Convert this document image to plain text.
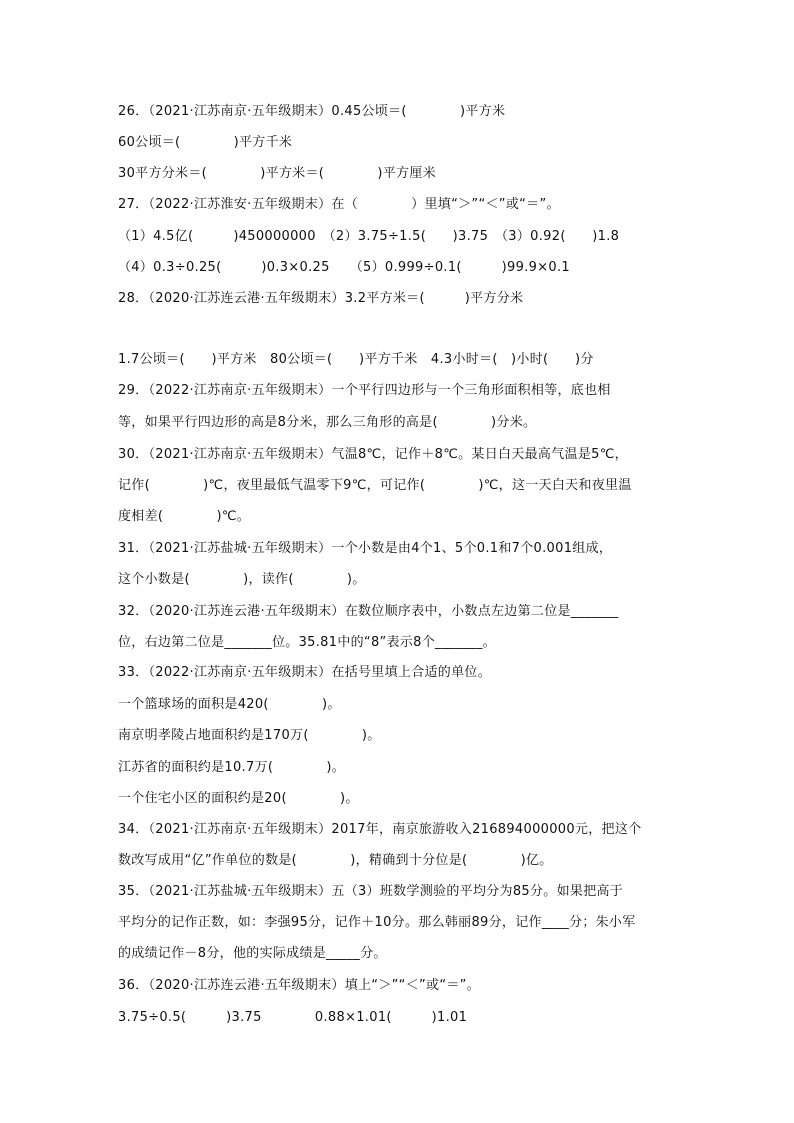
26．（2021·江苏南京·五年级期末）0.45公顷＝(　　　　)平方米
60公顷＝(　　　　)平方千米
30平方分米＝(　　　　)平方米＝(　　　　)平方厘米
27．（2022·江苏淮安·五年级期末）在（　　　　）里填“＞”“＜”或“＝”。
（1）4.5亿(　　　)450000000　（2）3.75÷1.5(　　)3.75　（3）0.92(　　)1.8
（4）0.3÷0.25(　　　)0.3×0.25　　（5）0.999÷0.1(　　　)99.9×0.1
28．（2020·江苏连云港·五年级期末）3.2平方米＝(　　　)平方分米
1.7公顷＝(　　)平方米　80公顷＝(　　)平方千米　4.3小时＝(　)小时(　　)分
29．（2022·江苏南京·五年级期末）一个平行四边形与一个三角形面积相等，底也相
等，如果平行四边形的高是8分米，那么三角形的高是(　　　　)分米。
30．（2021·江苏南京·五年级期末）气温8℃，记作＋8℃。某日白天最高气温是5℃，
记作(　　　　)℃，夜里最低气温零下9℃，可记作(　　　　)℃，这一天白天和夜里温
度相差(　　　　)℃。
31．（2021·江苏盐城·五年级期末）一个小数是由4个1、5个0.1和7个0.001组成，
这个小数是(　　　　)，读作(　　　　)。
32．（2020·江苏连云港·五年级期末）在数位顺序表中，小数点左边第二位是_______
位，右边第二位是_______位。35.81中的“8”表示8个_______。
33．（2022·江苏南京·五年级期末）在括号里填上合适的单位。
一个篮球场的面积是420(　　　　)。
南京明孝陵占地面积约是170万(　　　　)。
江苏省的面积约是10.7万(　　　　)。
一个住宅小区的面积约是20(　　　　)。
34．（2021·江苏南京·五年级期末）2017年，南京旅游收入216894000000元，把这个
数改写成用“亿”作单位的数是(　　　　)，精确到十分位是(　　　　)亿。
35．（2021·江苏盐城·五年级期末）五（3）班数学测验的平均分为85分。如果把高于
平均分的记作正数，如：李强95分，记作＋10分。那么韩丽89分，记作____分；朱小军
的成绩记作－8分，他的实际成绩是_____分。
36．（2020·江苏连云港·五年级期末）填上“＞”“＜”或“＝”。
3.75÷0.5(　　　)3.75　　　　0.88×1.01(　　　)1.01
